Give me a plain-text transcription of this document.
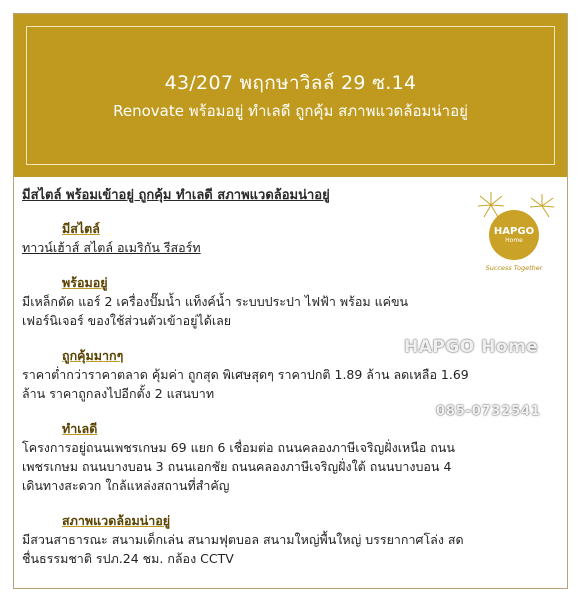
43/207 พฤกษาวิลล์ 29 ซ.14
Renovate พร้อมอยู่ ทำเลดี ถูกคุ้ม สภาพแวดล้อมน่าอยู่
มีสไตล์ พร้อมเข้าอยู่ ถูกคุ้ม ทำเลดี สภาพแวดล้อมน่าอยู่
มีสไตล์
ทาวน์เฮ้าส์ สไตล์ อเมริกัน รีสอร์ท
พร้อมอยู่
มีเหล็กดัด แอร์ 2 เครื่องปั๊มน้ำ แท็งค์น้ำ ระบบประปา ไฟฟ้า พร้อม แค่ขน
เฟอร์นิเจอร์ ของใช้ส่วนตัวเข้าอยู่ได้เลย
ถูกคุ้มมากๆ
ราคาต่ำกว่าราคาตลาด คุ้มค่า ถูกสุด พิเศษสุดๆ ราคาปกติ 1.89 ล้าน ลดเหลือ 1.69
ล้าน ราคาถูกลงไปอีกตั้ง 2 แสนบาท
ทำเลดี
โครงการอยู่ถนนเพชรเกษม 69 แยก 6 เชื่อมต่อ ถนนคลองภาษีเจริญฝั่งเหนือ ถนน
เพชรเกษม ถนนบางบอน 3 ถนนเอกชัย ถนนคลองภาษีเจริญฝั่งใต้ ถนนบางบอน 4
เดินทางสะดวก ใกล้แหล่งสถานที่สำคัญ
สภาพแวดล้อมน่าอยู่
มีสวนสาธารณะ สนามเด็กเล่น สนามฟุตบอล สนามใหญ่พื้นใหญ่ บรรยากาศโล่ง สด
ชื่นธรรมชาติ รปภ.24 ชม. กล้อง CCTV
HAPGO
Home
Success Together
HAPGO Home
085-0732541
